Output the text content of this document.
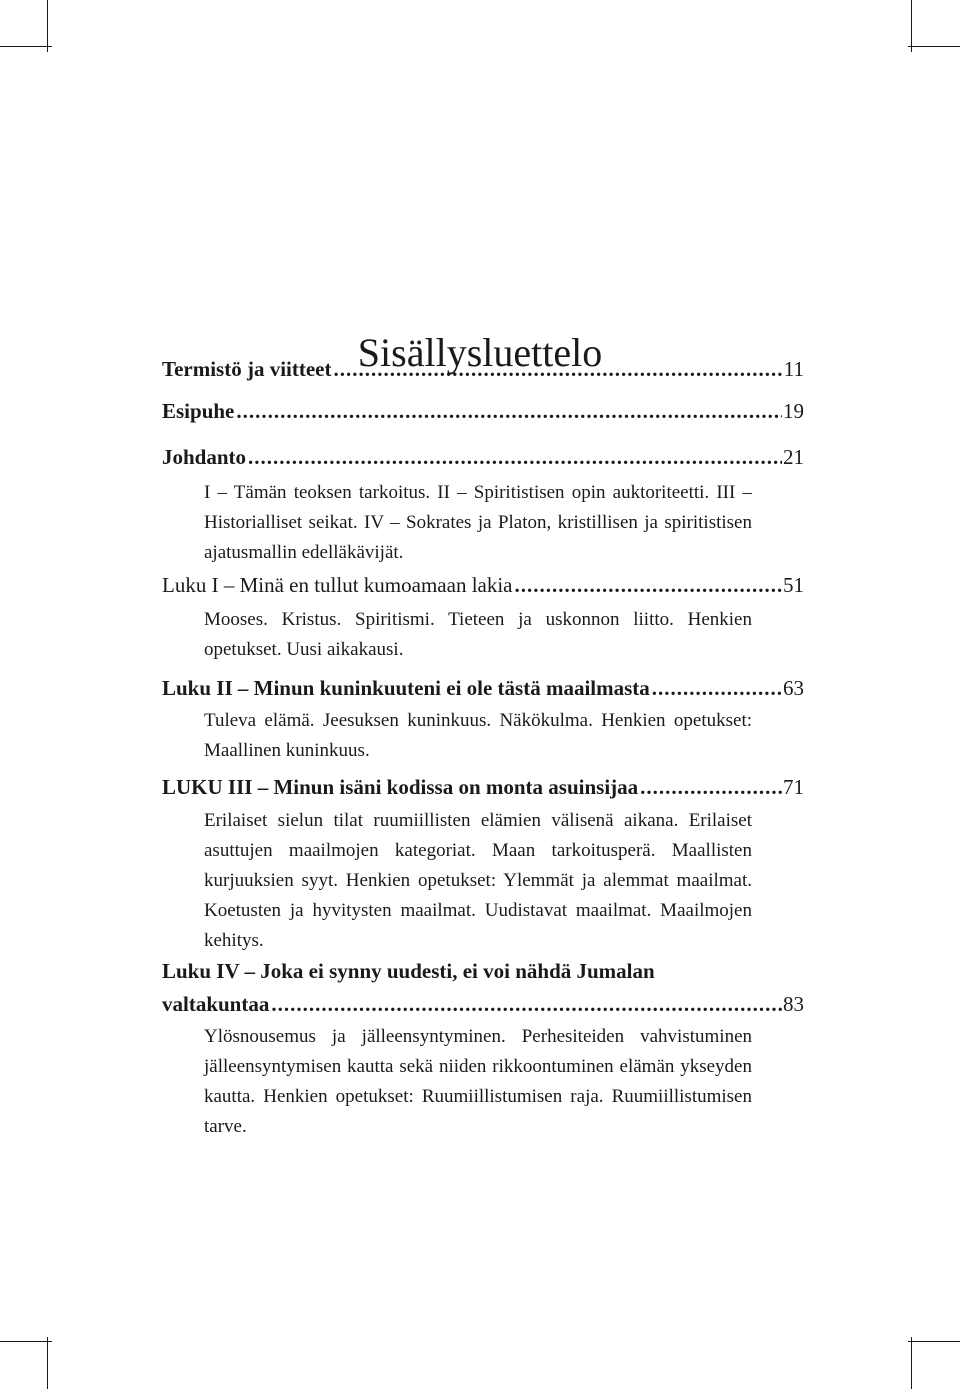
Sisällysluettelo
Termistö ja viitteet .....	11
Esipuhe .....	19
Johdanto .....	21
I – Tämän teoksen tarkoitus. II – Spiritistisen opin auktoriteetti. III – Historialliset seikat. IV – Sokrates ja Platon, kristillisen ja spiritistisen ajatusmallin edelläkävijät.
Luku I – Minä en tullut kumoamaan lakia .....	51
Mooses. Kristus. Spiritismi. Tieteen ja uskonnon liitto. Henkien opetukset. Uusi aikakausi.
Luku II – Minun kuninkuuteni ei ole tästä maailmasta .....	63
Tuleva elämä. Jeesuksen kuninkuus. Näkökulma. Henkien opetukset: Maallinen kuninkuus.
LUKU III – Minun isäni kodissa on monta asuinsijaa .....	71
Erilaiset sielun tilat ruumiillisten elämien välisenä aikana. Erilaiset asuttujen maailmojen kategoriat. Maan tarkoitusperä. Maallisten kurjuuksien syyt. Henkien opetukset: Ylemmät ja alemmat maailmat. Koetusten ja hyvitysten maailmat. Uudistavat maailmat. Maailmojen kehitys.
Luku IV – Joka ei synny uudesti, ei voi nähdä Jumalan
valtakuntaa .....	83
Ylösnousemus ja jälleensyntyminen. Perhesiteiden vahvistuminen jälleensyntymisen kautta sekä niiden rikkoontuminen elämän ykseyden kautta. Henkien opetukset: Ruumiillistumisen raja. Ruumiillistumisen tarve.
